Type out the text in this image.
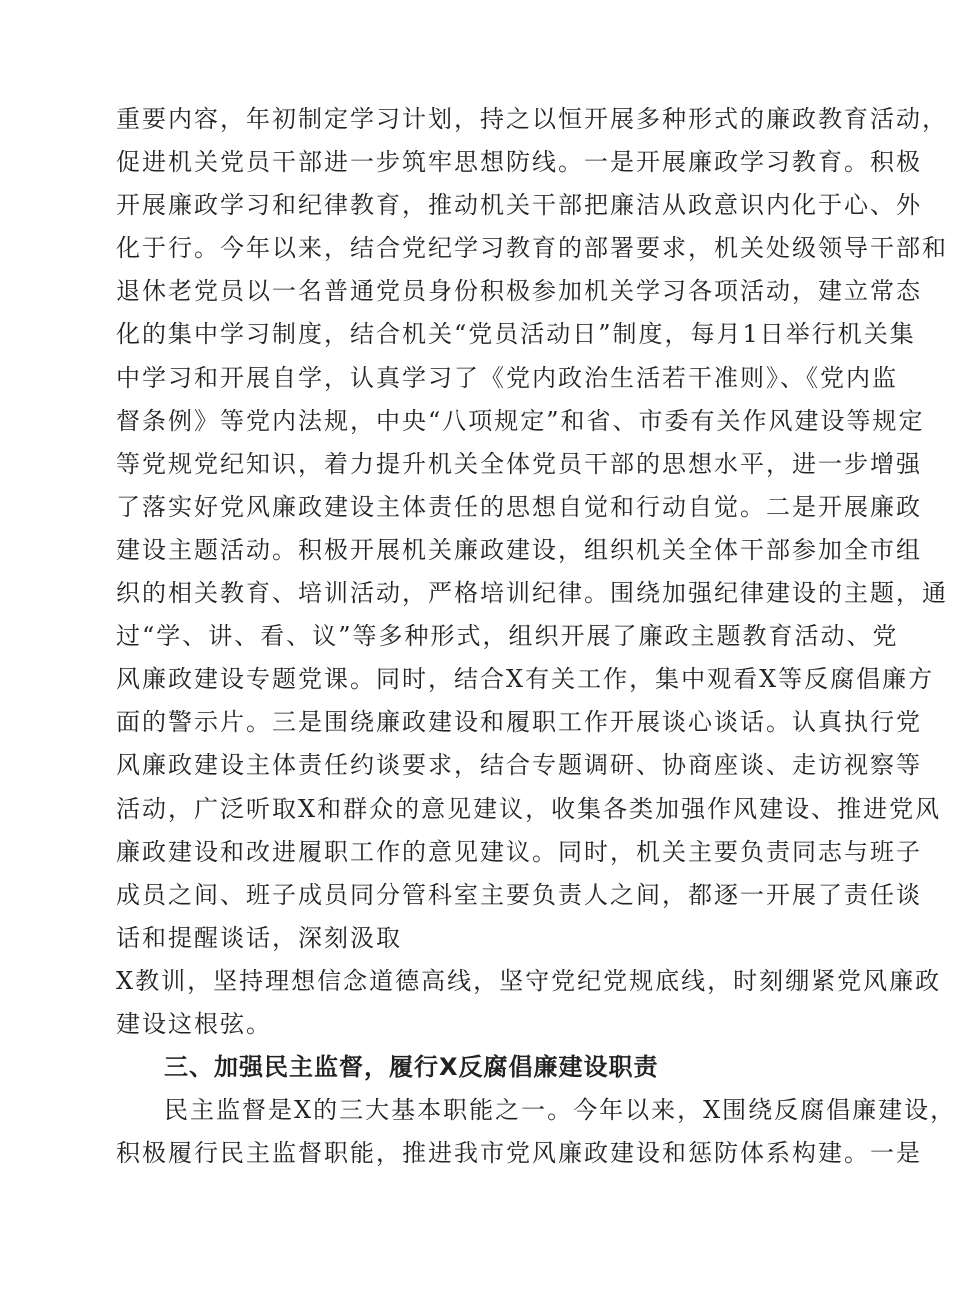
重要内容，年初制定学习计划，持之以恒开展多种形式的廉政教育活动，
促进机关党员干部进一步筑牢思想防线。一是开展廉政学习教育。积极
开展廉政学习和纪律教育，推动机关干部把廉洁从政意识内化于心、外
化于行。今年以来，结合党纪学习教育的部署要求，机关处级领导干部和
退休老党员以一名普通党员身份积极参加机关学习各项活动，建立常态
化的集中学习制度，结合机关“党员活动日”制度，每月1日举行机关集
中学习和开展自学，认真学习了《党内政治生活若干准则》、《党内监
督条例》等党内法规，中央“八项规定”和省、市委有关作风建设等规定
等党规党纪知识，着力提升机关全体党员干部的思想水平，进一步增强
了落实好党风廉政建设主体责任的思想自觉和行动自觉。二是开展廉政
建设主题活动。积极开展机关廉政建设，组织机关全体干部参加全市组
织的相关教育、培训活动，严格培训纪律。围绕加强纪律建设的主题，通
过“学、讲、看、议”等多种形式，组织开展了廉政主题教育活动、党
风廉政建设专题党课。同时，结合X有关工作，集中观看X等反腐倡廉方
面的警示片。三是围绕廉政建设和履职工作开展谈心谈话。认真执行党
风廉政建设主体责任约谈要求，结合专题调研、协商座谈、走访视察等
活动，广泛听取X和群众的意见建议，收集各类加强作风建设、推进党风
廉政建设和改进履职工作的意见建议。同时，机关主要负责同志与班子
成员之间、班子成员同分管科室主要负责人之间，都逐一开展了责任谈
话和提醒谈话，深刻汲取
X教训，坚持理想信念道德高线，坚守党纪党规底线，时刻绷紧党风廉政
建设这根弦。
三、加强民主监督，履行X反腐倡廉建设职责
民主监督是X的三大基本职能之一。今年以来，X围绕反腐倡廉建设，
积极履行民主监督职能，推进我市党风廉政建设和惩防体系构建。一是
